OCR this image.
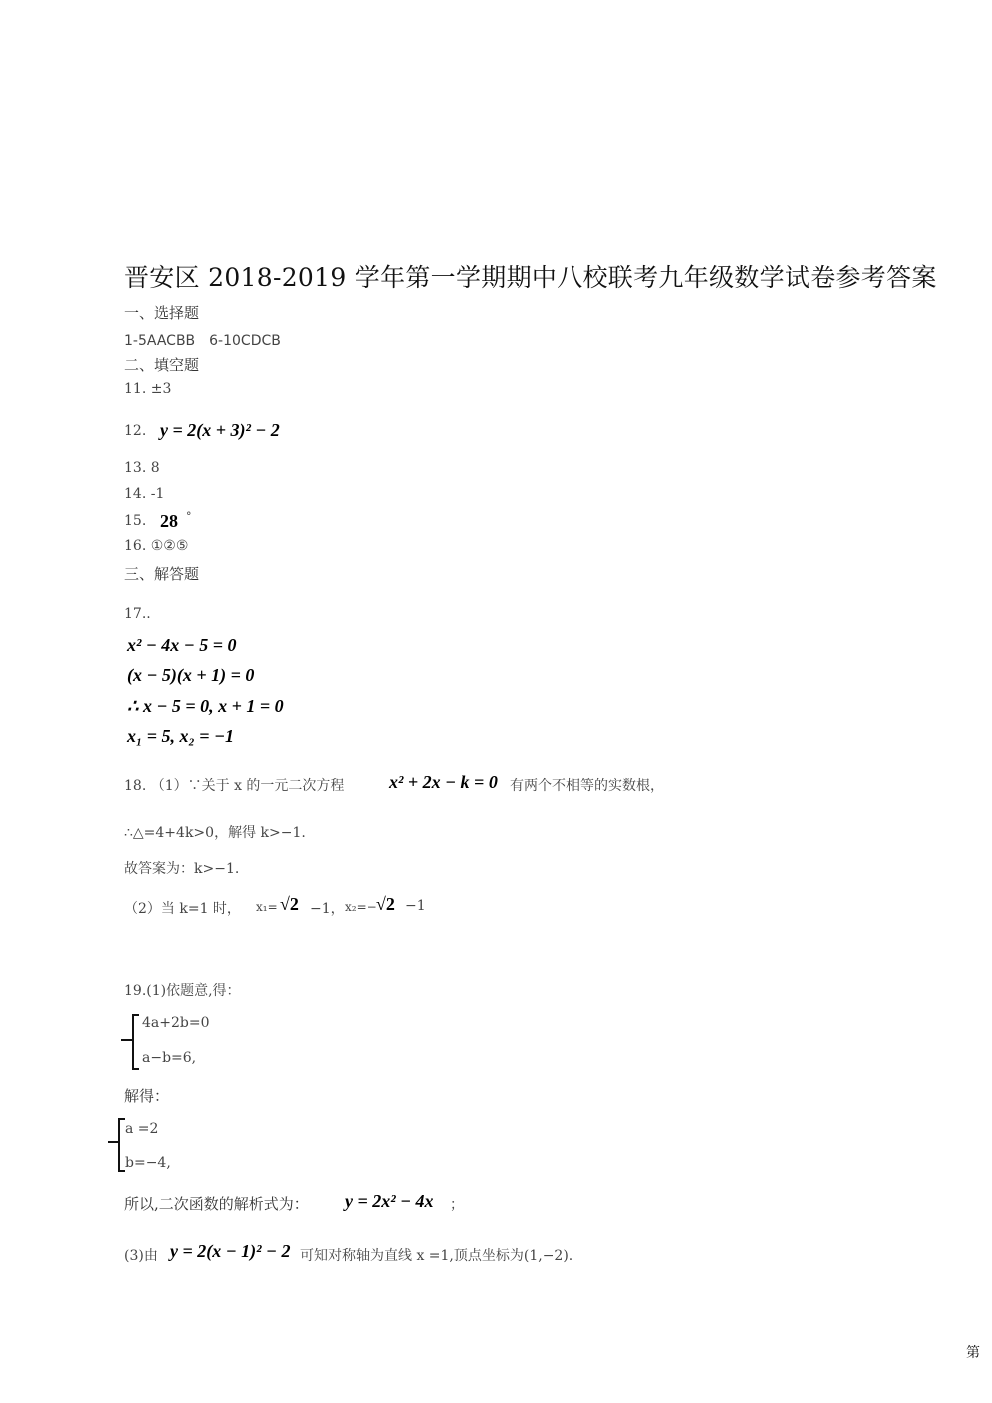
晋安区 2018-2019 学年第一学期期中八校联考九年级数学试卷参考答案
一、选择题
1-5AACBB　6-10CDCB
二、填空题
11. ±3
12. y = 2(x + 3)² − 2
13. 8
14. -1
15. 28 °
16. ①②⑤
三、解答题
17..
x² − 4x − 5 = 0
(x − 5)(x + 1) = 0
∴ x − 5 = 0, x + 1 = 0
x₁ = 5, x₂ = −1
18. （1）∵关于 x 的一元二次方程 x² + 2x − k = 0 有两个不相等的实数根，
∴△=4+4k>0，解得 k>−1.
故答案为：k>−1.
（2）当 k=1 时， x₁= √2 −1， x₂=− √2 −1
19.(1)依题意,得：
4a+2b=0
a−b=6,
解得：
a =2
b=−4,
所以,二次函数的解析式为： y = 2x² − 4x ；
(3)由 y = 2(x − 1)² − 2 可知对称轴为直线 x =1,顶点坐标为(1,−2).
第
